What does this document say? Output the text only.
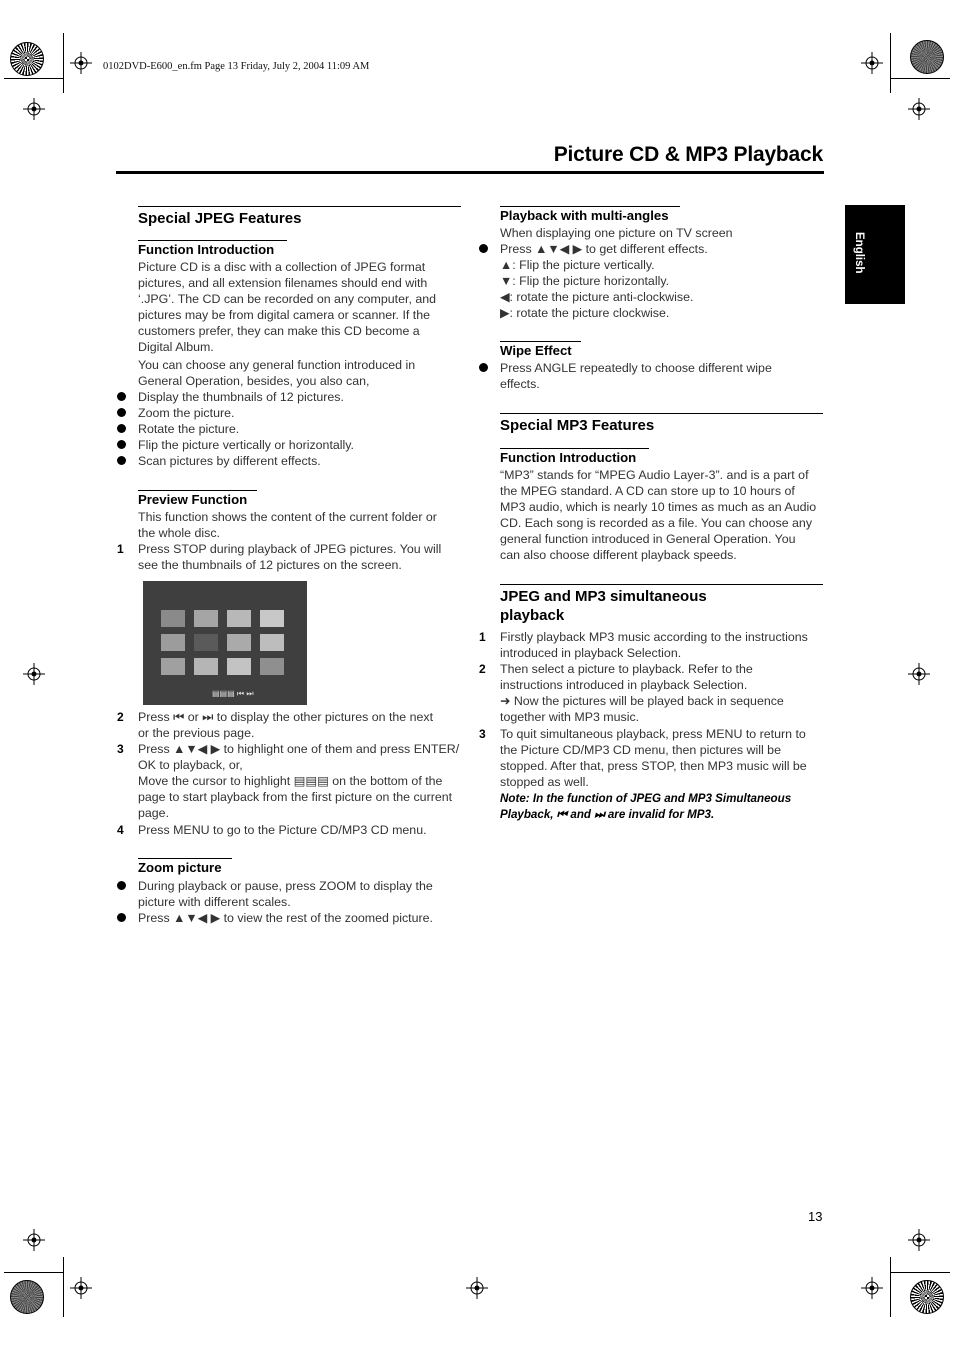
0102DVD-E600_en.fm Page 13 Friday, July 2, 2004 11:09 AM
Picture CD & MP3 Playback
English
Special JPEG Features
Function Introduction
Picture CD is a disc with a collection of JPEG format
pictures, and all extension filenames should end with
‘.JPG’. The CD can be recorded on any computer, and
pictures may be from digital camera or scanner. If the
customers prefer, they can make this CD become a
Digital Album.
You can choose any general function introduced in
General Operation, besides, you also can,
Display the thumbnails of 12 pictures.
Zoom the picture.
Rotate the picture.
Flip the picture vertically or horizontally.
Scan pictures by different effects.
Preview Function
This function shows the content of the current folder or
the whole disc.
1	Press STOP during playback of JPEG pictures. You will
see the thumbnails of 12 pictures on the screen.
2	Press ⏮ or ⏭ to display the other pictures on the next
or the previous page.
3	Press ▲▼◀ ▶ to highlight one of them and press ENTER/
OK to playback, or,
Move the cursor to highlight ▤▤▤ on the bottom of the
page to start playback from the first picture on the current
page.
4	Press MENU to go to the Picture CD/MP3 CD menu.
Zoom picture
During playback or pause, press ZOOM to display the
picture with different scales.
Press ▲▼◀ ▶ to view the rest of the zoomed picture.
▤▤▤ ⏮ ⏭
Playback with multi-angles
When displaying one picture on TV screen
Press ▲▼◀ ▶ to get different effects.
▲: Flip the picture vertically.
▼: Flip the picture horizontally.
◀: rotate the picture anti-clockwise.
▶: rotate the picture clockwise.
Wipe Effect
Press ANGLE repeatedly to choose different wipe
effects.
Special MP3 Features
Function Introduction
“MP3” stands for “MPEG Audio Layer-3”. and is a part of
the MPEG standard. A CD can store up to 10 hours of
MP3 audio, which is nearly 10 times as much as an Audio
CD. Each song is recorded as a file. You can choose any
general function introduced in General Operation. You
can also choose different playback speeds.
JPEG and MP3 simultaneous
playback
1	Firstly playback MP3 music according to the instructions
introduced in playback Selection.
2	Then select a picture to playback. Refer to the
instructions introduced in playback Selection.
➜ Now the pictures will be played back in sequence
together with MP3 music.
3	To quit simultaneous playback, press MENU to return to
the Picture CD/MP3 CD menu, then pictures will be
stopped. After that, press STOP, then MP3 music will be
stopped as well.
Note: In the function of JPEG and MP3 Simultaneous
Playback, ⏮ and ⏭ are invalid for MP3.
13
